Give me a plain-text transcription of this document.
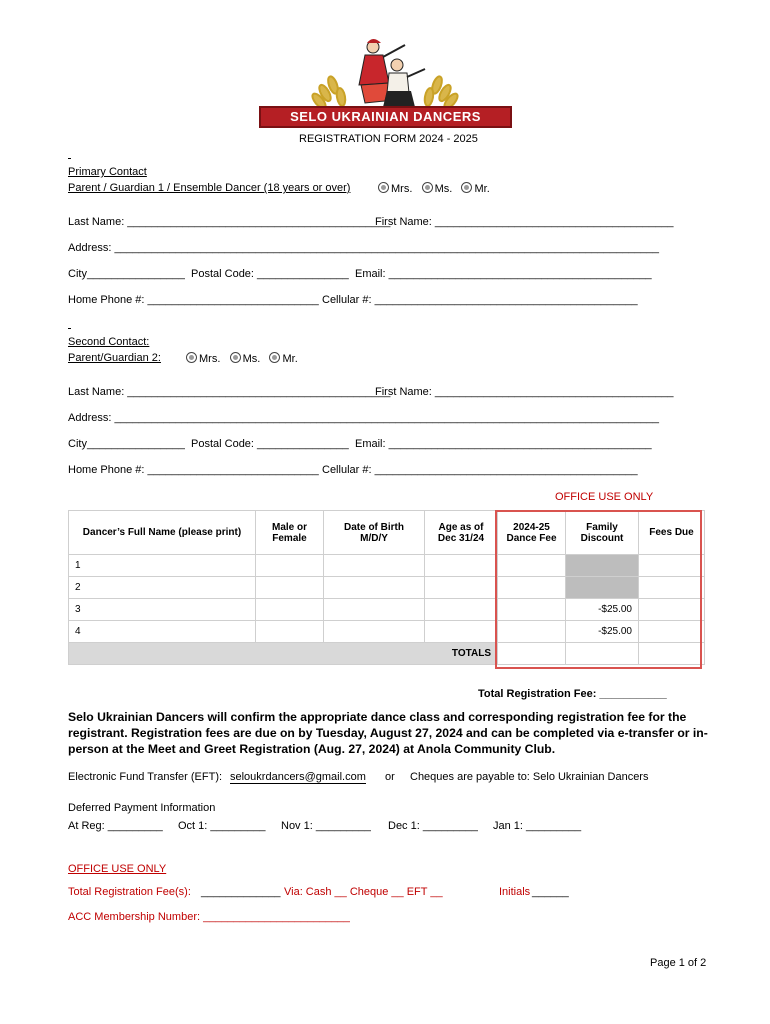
SELO UKRAINIAN DANCERS
REGISTRATION FORM 2024 - 2025
Primary Contact
Parent / Guardian 1 / Ensemble Dancer (18 years or over)	Mrs. Ms. Mr.
Last Name: ___________________________________________
First Name: _______________________________________
Address: _________________________________________________________________________________________
City________________ Postal Code: _______________ Email: ___________________________________________
Home Phone #: ____________________________ Cellular #: ___________________________________________
Second Contact:
Parent/Guardian 2:	Mrs. Ms. Mr.
Last Name: ___________________________________________
First Name: _______________________________________
Address: _________________________________________________________________________________________
City________________ Postal Code: _______________ Email: ___________________________________________
Home Phone #: ____________________________ Cellular #: ___________________________________________
OFFICE USE ONLY
Dancer’s Full Name (please print)	Male or Female	Date of Birth M/D/Y	Age as of Dec 31/24	2024-25 Dance Fee	Family Discount	Fees Due
1						
2						
3					-$25.00	
4					-$25.00	
TOTALS						
Total Registration Fee: ___________
Selo Ukrainian Dancers will confirm the appropriate dance class and corresponding registration fee for the registrant. Registration fees are due on by Tuesday, August 27, 2024 and can be completed via e-transfer or in-person at the Meet and Greet Registration (Aug. 27, 2024) at Anola Community Club.
Electronic Fund Transfer (EFT): seloukrdancers@gmail.com or Cheques are payable to: Selo Ukrainian Dancers
Deferred Payment Information
At Reg: _________ Oct 1: _________ Nov 1: _________ Dec 1: _________ Jan 1: _________
OFFICE USE ONLY
Total Registration Fee(s): _____________ Via: Cash __ Cheque __ EFT __	Initials ______
ACC Membership Number: ________________________
Page 1 of 2
